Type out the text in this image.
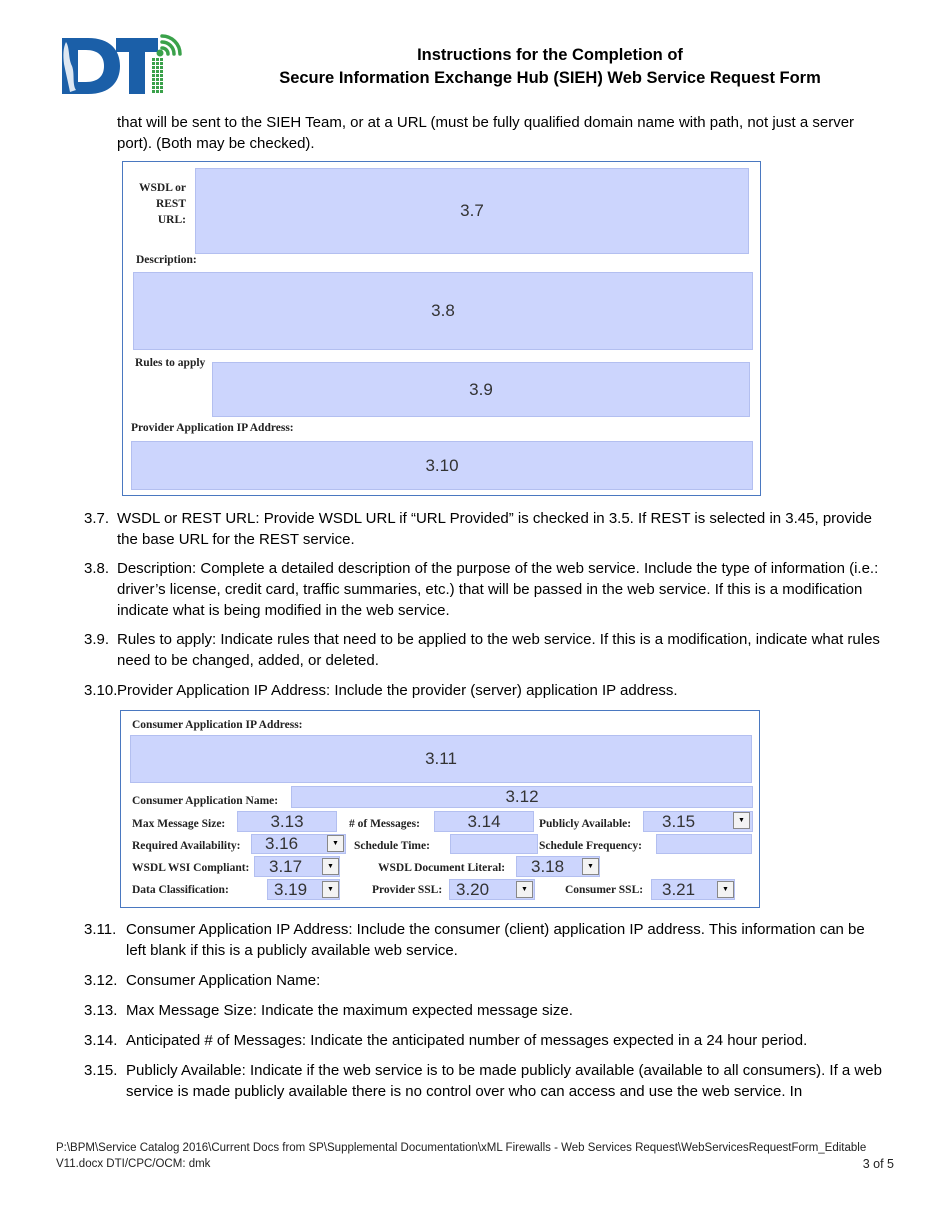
Instructions for the Completion of
Secure Information Exchange Hub (SIEH) Web Service Request Form
that will be sent to the SIEH Team, or at a URL (must be fully qualified domain name with path, not just a server port). (Both may be checked).
WSDL or REST URL:	3.7
Description:
3.8
Rules to apply
3.9
Provider Application IP Address:
3.10
3.7. WSDL or REST URL: Provide WSDL URL if “URL Provided” is checked in 3.5. If REST is selected in 3.45, provide the base URL for the REST service.
3.8. Description: Complete a detailed description of the purpose of the web service. Include the type of information (i.e.: driver’s license, credit card, traffic summaries, etc.) that will be passed in the web service. If this is a modification indicate what is being modified in the web service.
3.9. Rules to apply: Indicate rules that need to be applied to the web service. If this is a modification, indicate what rules need to be changed, added, or deleted.
3.10. Provider Application IP Address: Include the provider (server) application IP address.
Consumer Application IP Address:
3.11
Consumer Application Name:	3.12
Max Message Size:	3.13	# of Messages:	3.14	Publicly Available:	3.15	▼
Required Availability:	3.16	▼	Schedule Time:	Schedule Frequency:
WSDL WSI Compliant:	3.17	▼	WSDL Document Literal:	3.18	▼
Data Classification:	3.19	▼	Provider SSL: 3.20	▼	Consumer SSL:	3.21	▼
3.11. Consumer Application IP Address: Include the consumer (client) application IP address. This information can be left blank if this is a publicly available web service.
3.12. Consumer Application Name:
3.13. Max Message Size: Indicate the maximum expected message size.
3.14. Anticipated # of Messages: Indicate the anticipated number of messages expected in a 24 hour period.
3.15. Publicly Available: Indicate if the web service is to be made publicly available (available to all consumers). If a web service is made publicly available there is no control over who can access and use the web service. In
P:\BPM\Service Catalog 2016\Current Docs from SP\Supplemental Documentation\xML Firewalls - Web Services Request\WebServicesRequestForm_Editable
V11.docx DTI/CPC/OCM: dmk	3 of 5
